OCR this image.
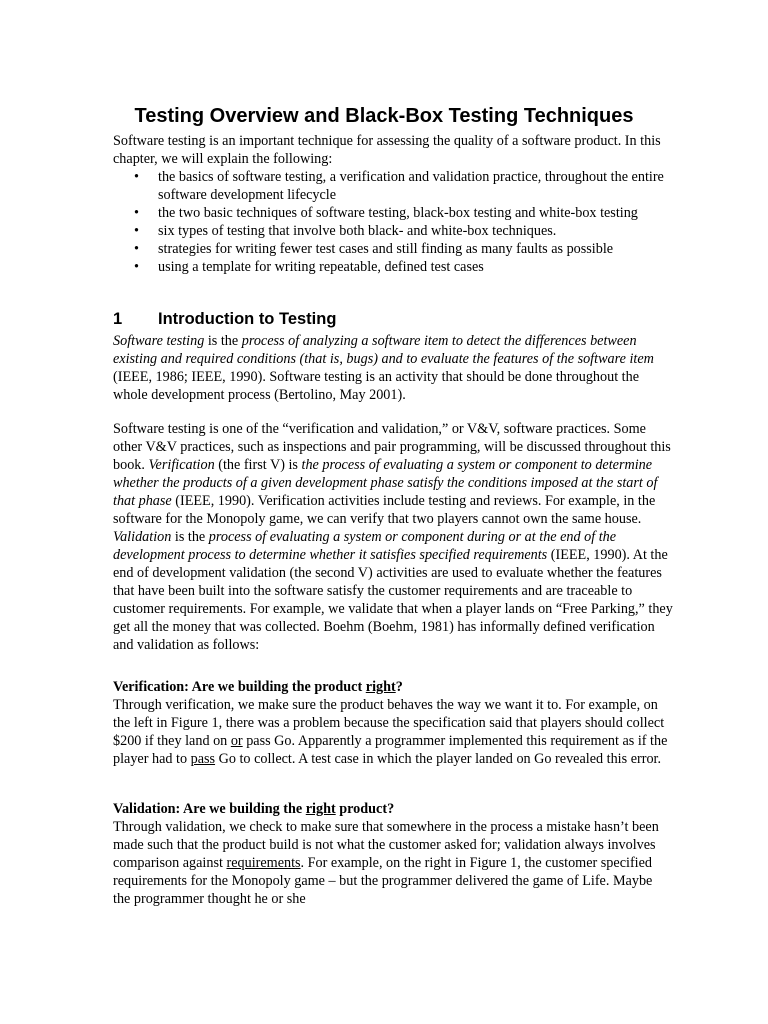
Testing Overview and Black-Box Testing Techniques

Software testing is an important technique for assessing the quality of a software product. In this chapter, we will explain the following:

• the basics of software testing, a verification and validation practice, throughout the entire software development lifecycle
• the two basic techniques of software testing, black-box testing and white-box testing
• six types of testing that involve both black- and white-box techniques.
• strategies for writing fewer test cases and still finding as many faults as possible
• using a template for writing repeatable, defined test cases
1 Introduction to Testing

Software testing is the process of analyzing a software item to detect the differences between existing and required conditions (that is, bugs) and to evaluate the features of the software item (IEEE, 1986; IEEE, 1990). Software testing is an activity that should be done throughout the whole development process (Bertolino, May 2001).

Software testing is one of the “verification and validation,” or V&V, software practices. Some other V&V practices, such as inspections and pair programming, will be discussed throughout this book. Verification (the first V) is the process of evaluating a system or component to determine whether the products of a given development phase satisfy the conditions imposed at the start of that phase (IEEE, 1990). Verification activities include testing and reviews. For example, in the software for the Monopoly game, we can verify that two players cannot own the same house. Validation is the process of evaluating a system or component during or at the end of the development process to determine whether it satisfies specified requirements (IEEE, 1990). At the end of development validation (the second V) activities are used to evaluate whether the features that have been built into the software satisfy the customer requirements and are traceable to customer requirements. For example, we validate that when a player lands on “Free Parking,” they get all the money that was collected. Boehm (Boehm, 1981) has informally defined verification and validation as follows:

Verification: Are we building the product right?

Through verification, we make sure the product behaves the way we want it to. For example, on the left in Figure 1, there was a problem because the specification said that players should collect $200 if they land on or pass Go. Apparently a programmer implemented this requirement as if the player had to pass Go to collect. A test case in which the player landed on Go revealed this error.

Validation: Are we building the right product?

Through validation, we check to make sure that somewhere in the process a mistake hasn’t been made such that the product build is not what the customer asked for; validation always involves comparison against requirements. For example, on the right in Figure 1, the customer specified requirements for the Monopoly game – but the programmer delivered the game of Life. Maybe the programmer thought he or she
